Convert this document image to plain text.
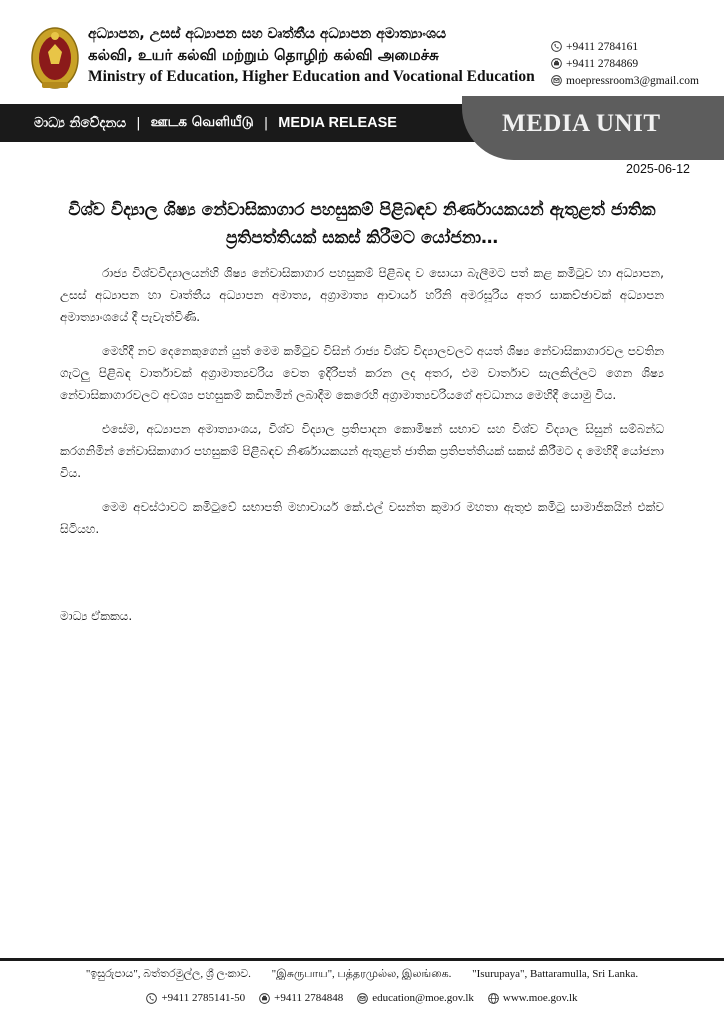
අධ්‍යාපන, උසස් අධ්‍යාපන සහ වෘත්තීය අධ්‍යාපන අමාත්‍යාංශය
கல்வி, உயர் கல்வி மற்றும் தொழிற் கல்வி அமைச்சு
Ministry of Education, Higher Education and Vocational Education
+9411 2784161
+9411 2784869
moepressroom3@gmail.com
මාධ්‍ය නිවේදනය | ஊடக வெளியீடு | MEDIA RELEASE	MEDIA UNIT
2025-06-12
විශ්ව විද්‍යාල ශිෂ්‍ය නේවාසිකාගාර පහසුකම් පිළිබඳව නිර්ණායකයන් ඇතුළත් ජාතික ප්‍රතිපත්තියක් සකස් කිරීමට යෝජනා…

රාජ්‍ය විශ්වවිද්‍යාලයන්හි ශිෂ්‍ය නේවාසිකාගාර පහසුකම් පිළිබඳ ව සොයා බැලීමට පත් කළ කමිටුව හා අධ්‍යාපන, උසස් අධ්‍යාපන හා වෘත්තීය අධ්‍යාපන අමාත්‍ය, අග්‍රාමාත්‍ය ආචාර්ය හරිනි අමරසූරිය අතර සාකච්ඡාවක් අධ්‍යාපන අමාත්‍යාංශයේ දී පැවැත්විණි.

මෙහිදී නව දෙනෙකුගෙන් යුත් මෙම කමිටුව විසින් රාජ්‍ය විශ්ව විද්‍යාලවලට අයත් ශිෂ්‍ය නේවාසිකාගාරවල පවතින ගැටලු පිළිබඳ වාර්තාවක් අග්‍රාමාත්‍යවරිය වෙත ඉදිරිපත් කරන ලද අතර, එම වාර්තාව සැලකිල්ලට ගෙන ශිෂ්‍ය නේවාසිකාගාරවලට අවශ්‍ය පහසුකම් කඩිනමින් ලබාදීම කෙරෙහි අග්‍රාමාත්‍යවරියගේ අවධානය මෙහිදී යොමු විය.

එසේම, අධ්‍යාපන අමාත්‍යාංශය, විශ්ව විද්‍යාල ප්‍රතිපාදන කොමිෂන් සභාව සහ විශ්ව විද්‍යාල සිසුන් සම්බන්ධ කරගනිමින් නේවාසිකාගාර පහසුකම් පිළිබඳව නිර්ණායකයන් ඇතුළත් ජාතික ප්‍රතිපත්තියක් සකස් කිරීමට ද මෙහිදී යෝජනා විය.

මෙම අවස්ථාවට කමිටුවේ සභාපති මහාචාර්ය කේ.එල් වසන්ත කුමාර මහතා ඇතුළු කමිටු සාමාජිකයින් එක්ව සිටියහ.

මාධ්‍ය ඒකකය.
"ඉසුරුපාය", බත්තරමුල්ල, ශ්‍රී ලංකාව. "இசுருபாய", பத்தரமுல்ல, இலங்கை. "Isurupaya", Battaramulla, Sri Lanka.
+9411 2785141-50	+9411 2784848	education@moe.gov.lk	www.moe.gov.lk
